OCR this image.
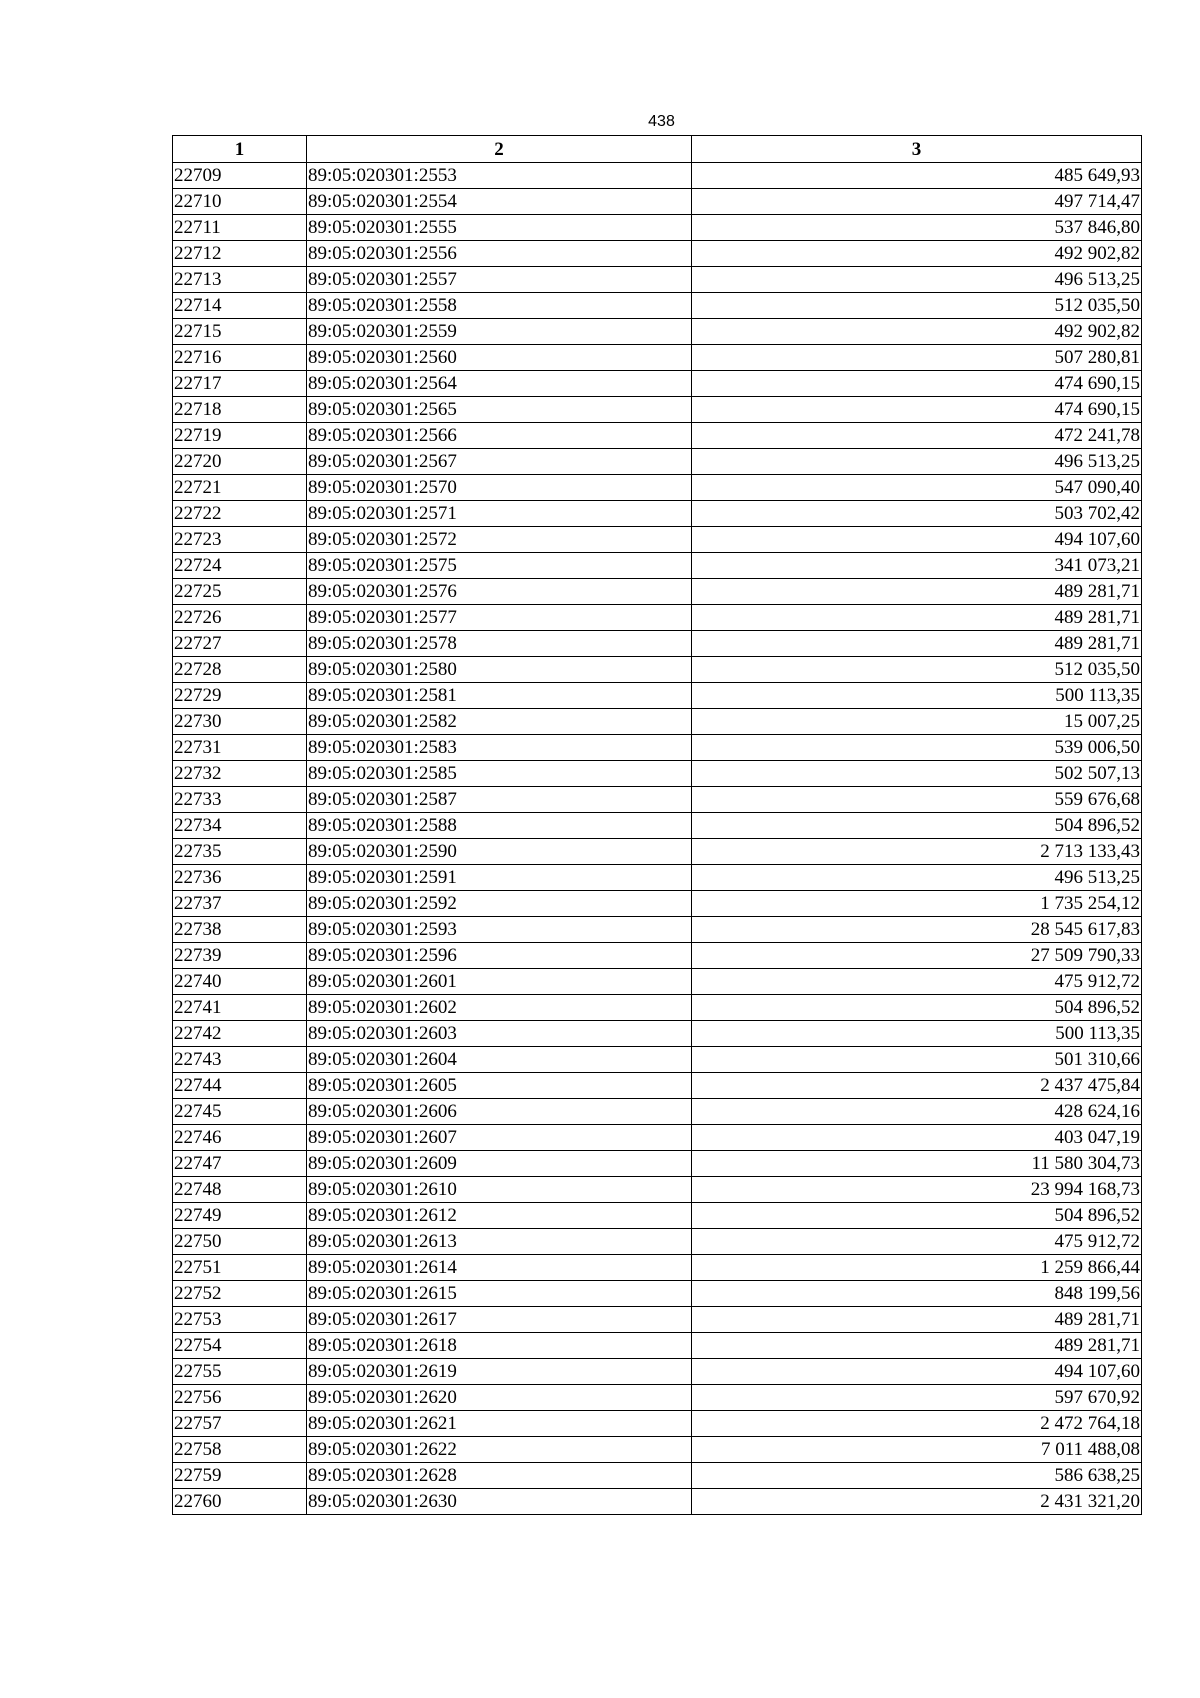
438
1	2	3
22709	89:05:020301:2553	485 649,93
22710	89:05:020301:2554	497 714,47
22711	89:05:020301:2555	537 846,80
22712	89:05:020301:2556	492 902,82
22713	89:05:020301:2557	496 513,25
22714	89:05:020301:2558	512 035,50
22715	89:05:020301:2559	492 902,82
22716	89:05:020301:2560	507 280,81
22717	89:05:020301:2564	474 690,15
22718	89:05:020301:2565	474 690,15
22719	89:05:020301:2566	472 241,78
22720	89:05:020301:2567	496 513,25
22721	89:05:020301:2570	547 090,40
22722	89:05:020301:2571	503 702,42
22723	89:05:020301:2572	494 107,60
22724	89:05:020301:2575	341 073,21
22725	89:05:020301:2576	489 281,71
22726	89:05:020301:2577	489 281,71
22727	89:05:020301:2578	489 281,71
22728	89:05:020301:2580	512 035,50
22729	89:05:020301:2581	500 113,35
22730	89:05:020301:2582	15 007,25
22731	89:05:020301:2583	539 006,50
22732	89:05:020301:2585	502 507,13
22733	89:05:020301:2587	559 676,68
22734	89:05:020301:2588	504 896,52
22735	89:05:020301:2590	2 713 133,43
22736	89:05:020301:2591	496 513,25
22737	89:05:020301:2592	1 735 254,12
22738	89:05:020301:2593	28 545 617,83
22739	89:05:020301:2596	27 509 790,33
22740	89:05:020301:2601	475 912,72
22741	89:05:020301:2602	504 896,52
22742	89:05:020301:2603	500 113,35
22743	89:05:020301:2604	501 310,66
22744	89:05:020301:2605	2 437 475,84
22745	89:05:020301:2606	428 624,16
22746	89:05:020301:2607	403 047,19
22747	89:05:020301:2609	11 580 304,73
22748	89:05:020301:2610	23 994 168,73
22749	89:05:020301:2612	504 896,52
22750	89:05:020301:2613	475 912,72
22751	89:05:020301:2614	1 259 866,44
22752	89:05:020301:2615	848 199,56
22753	89:05:020301:2617	489 281,71
22754	89:05:020301:2618	489 281,71
22755	89:05:020301:2619	494 107,60
22756	89:05:020301:2620	597 670,92
22757	89:05:020301:2621	2 472 764,18
22758	89:05:020301:2622	7 011 488,08
22759	89:05:020301:2628	586 638,25
22760	89:05:020301:2630	2 431 321,20
